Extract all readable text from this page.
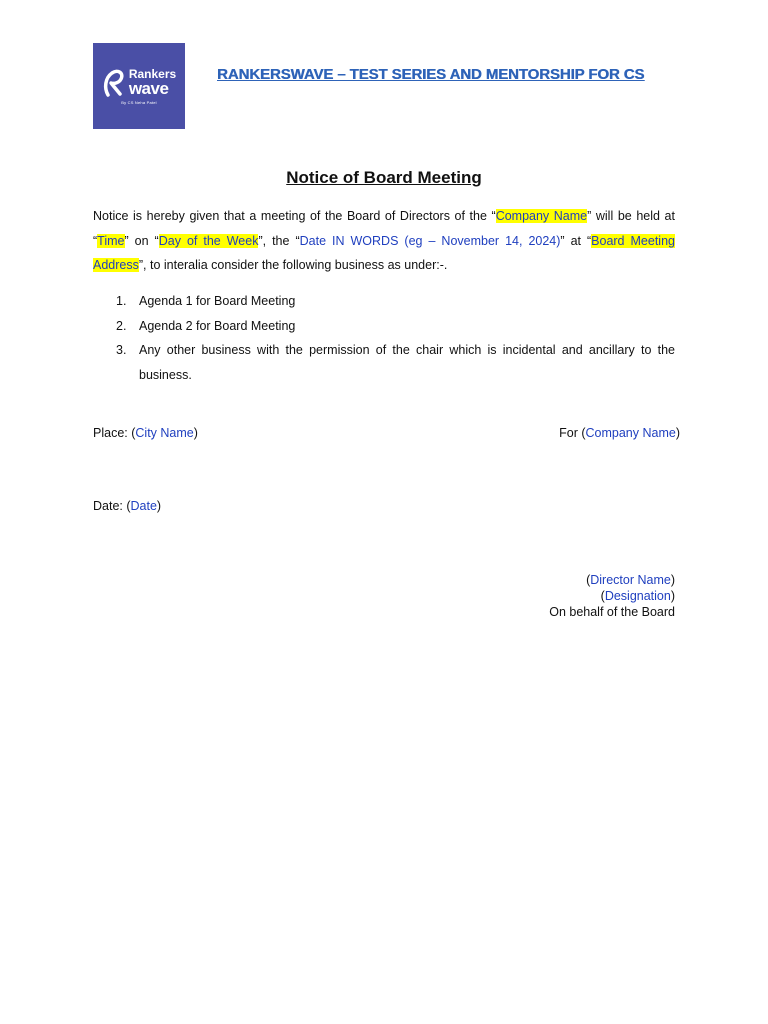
Rankers
wave
By CS Neha Patel
RANKERSWAVE – TEST SERIES AND MENTORSHIP FOR CS
Notice of Board Meeting
Notice is hereby given that a meeting of the Board of Directors of the “Company Name” will be held at “Time” on “Day of the Week”, the “Date IN WORDS (eg – November 14, 2024)” at “Board Meeting Address”, to interalia consider the following business as under:-.
1. Agenda 1 for Board Meeting
2. Agenda 2 for Board Meeting
3. Any other business with the permission of the chair which is incidental and ancillary to the business.
Place: (City Name)	For (Company Name)
Date: (Date)
(Director Name)
(Designation)
On behalf of the Board
